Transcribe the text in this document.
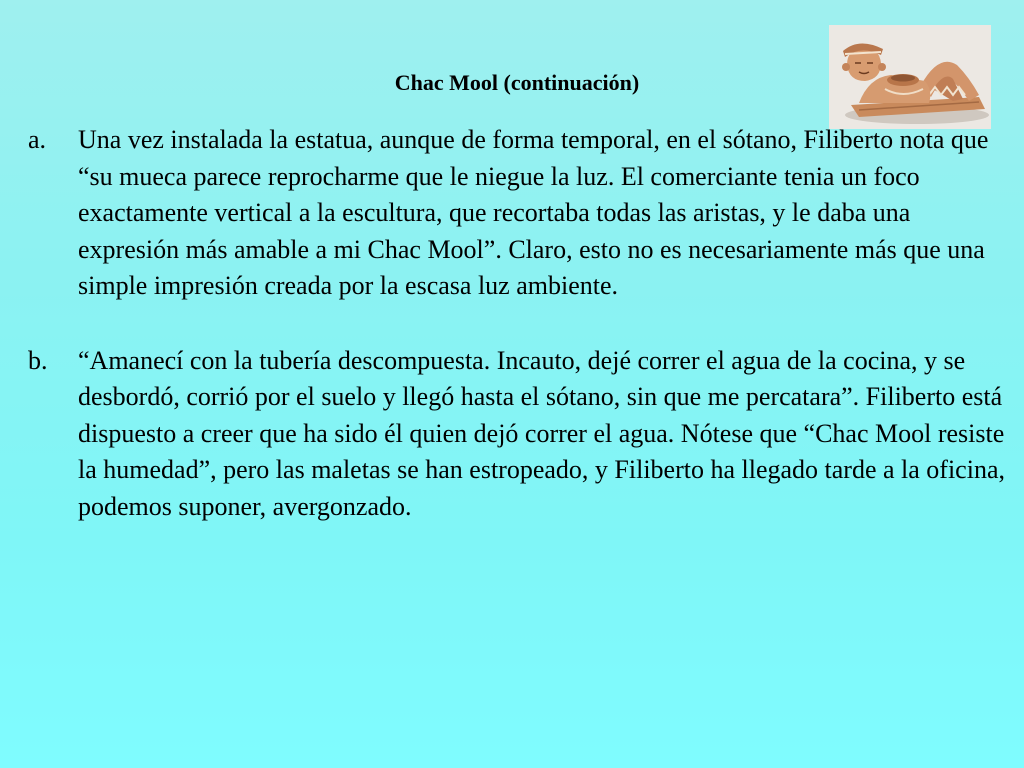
Chac Mool (continuación)
a. Una vez instalada la estatua, aunque de forma temporal, en el sótano, Filiberto nota que “su mueca parece reprocharme que le niegue la luz. El comerciante tenia un foco exactamente vertical a la escultura, que recortaba todas las aristas, y le daba una expresión más amable a mi Chac Mool”. Claro, esto no es necesariamente más que una simple impresión creada por la escasa luz ambiente.
b. “Amanecí con la tubería descompuesta. Incauto, dejé correr el agua de la cocina, y se desbordó, corrió por el suelo y llegó hasta el sótano, sin que me percatara”. Filiberto está dispuesto a creer que ha sido él quien dejó correr el agua. Nótese que “Chac Mool resiste la humedad”, pero las maletas se han estropeado, y Filiberto ha llegado tarde a la oficina, podemos suponer, avergonzado.
